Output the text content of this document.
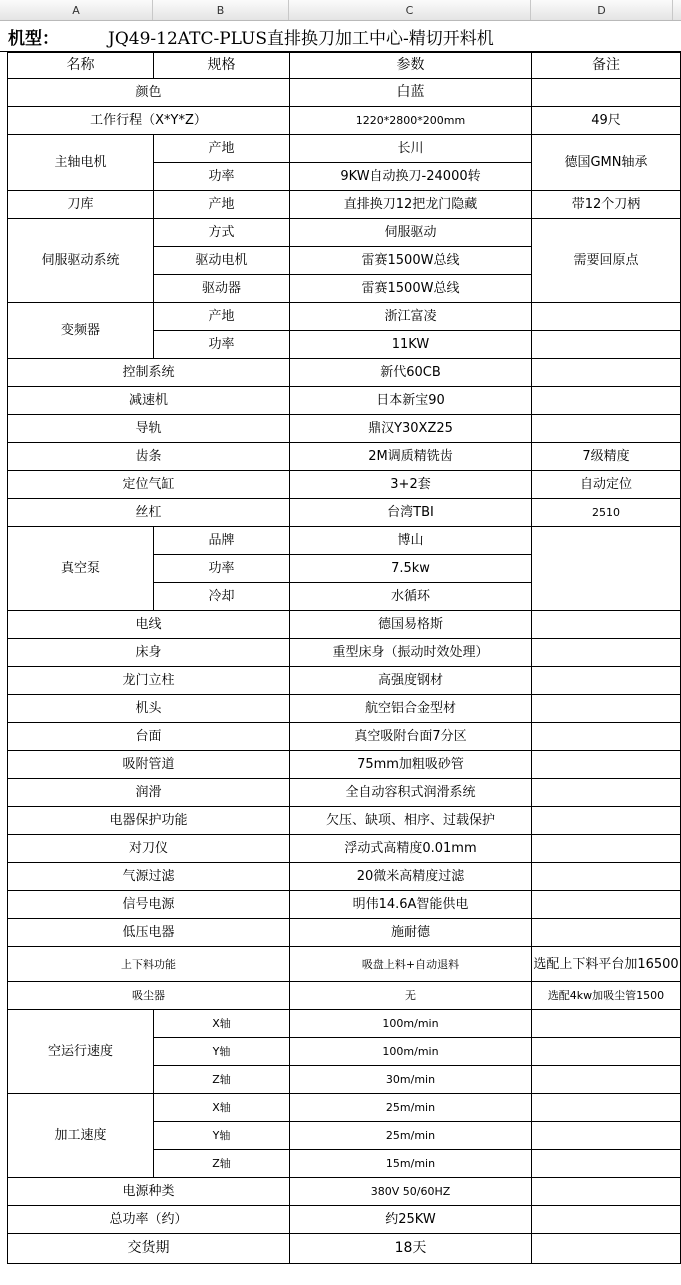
A	B	C	D
机型：	JQ49-12ATC-PLUS直排换刀加工中心-精切开料机
名称	规格	参数	备注
颜色		白蓝	
工作行程（X*Y*Z）		1220*2800*200mm	49尺
主轴电机	产地	长川	德国GMN轴承
	功率	9KW自动换刀-24000转	
刀库	产地	直排换刀12把龙门隐藏	带12个刀柄
伺服驱动系统	方式	伺服驱动	需要回原点
	驱动电机	雷赛1500W总线	
	驱动器	雷赛1500W总线	
变频器	产地	浙江富凌	
	功率	11KW	
控制系统		新代60CB	
减速机		日本新宝90	
导轨		鼎汉Y30XZ25	
齿条		2M调质精铣齿	7级精度
定位气缸		3+2套	自动定位
丝杠		台湾TBI	2510
真空泵	品牌	博山	
	功率	7.5kw	
	冷却	水循环	
电线		德国易格斯	
床身		重型床身（振动时效处理）	
龙门立柱		高强度钢材	
机头		航空铝合金型材	
台面		真空吸附台面7分区	
吸附管道		75mm加粗吸砂管	
润滑		全自动容积式润滑系统	
电器保护功能		欠压、缺项、相序、过载保护	
对刀仪		浮动式高精度0.01mm	
气源过滤		20微米高精度过滤	
信号电源		明伟14.6A智能供电	
低压电器		施耐德	
上下料功能		吸盘上料+自动退料	选配上下料平台加16500
吸尘器		无	选配4kw加吸尘管1500
空运行速度	X轴	100m/min	
	Y轴	100m/min	
	Z轴	30m/min	
加工速度	X轴	25m/min	
	Y轴	25m/min	
	Z轴	15m/min	
电源种类		380V 50/60HZ	
总功率（约）		约25KW	
交货期		18天	
